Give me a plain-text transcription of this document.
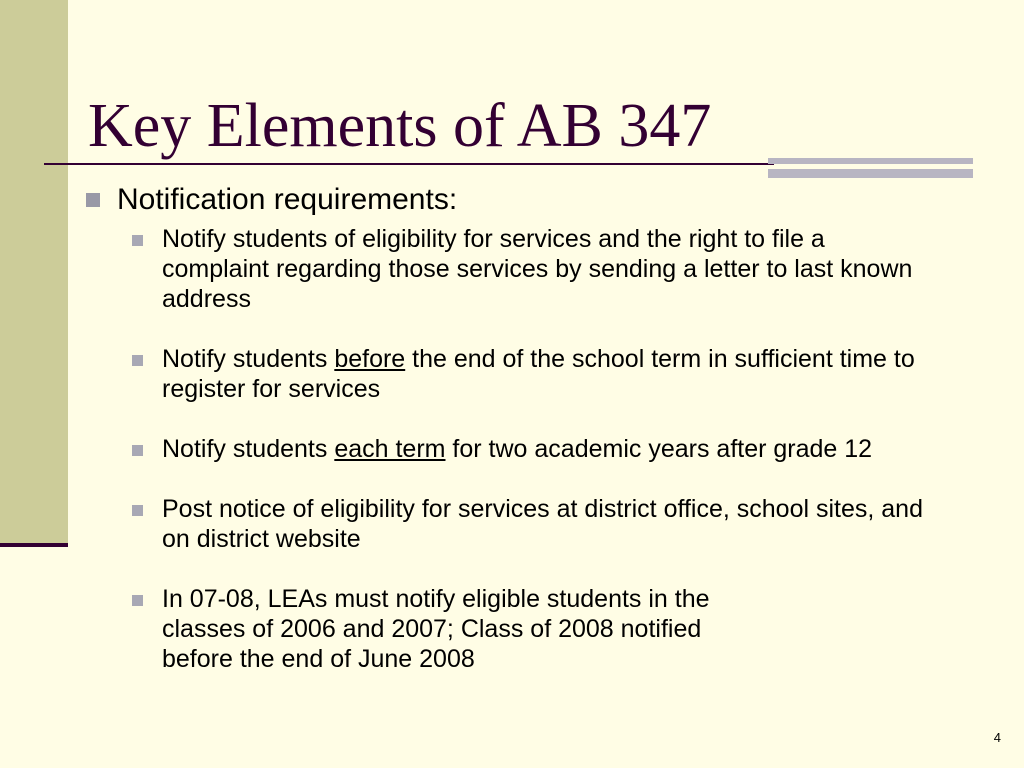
Key Elements of AB 347
Notification requirements:
Notify students of eligibility for services and the right to file a complaint regarding those services by sending a letter to last known address
Notify students before the end of the school term in sufficient time to register for services
Notify students each term for two academic years after grade 12
Post notice of eligibility for services at district office, school sites, and on district website
In 07-08, LEAs must notify eligible students in the
classes of 2006 and 2007; Class of 2008 notified
before the end of June 2008
4
